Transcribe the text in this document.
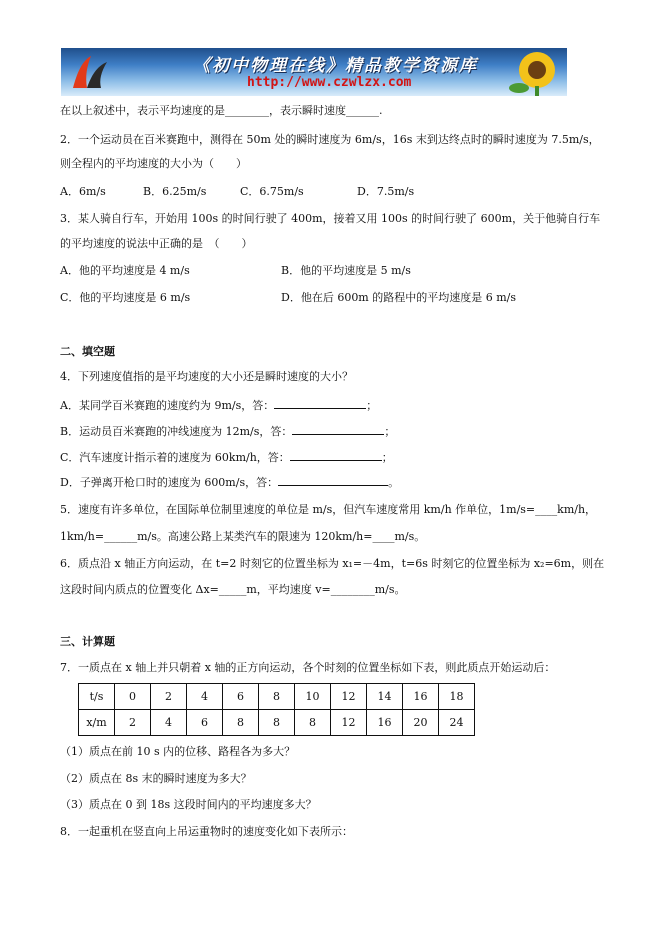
《初中物理在线》精品教学资源库
http://www.czwlzx.com
在以上叙述中，表示平均速度的是________，表示瞬时速度______.
2．一个运动员在百米赛跑中，测得在 50m 处的瞬时速度为 6m/s，16s 末到达终点时的瞬时速度为 7.5m/s，
则全程内的平均速度的大小为（　　）
A．6m/s	B．6.25m/s	C．6.75m/s	D．7.5m/s
3．某人骑自行车，开始用 100s 的时间行驶了 400m，接着又用 100s 的时间行驶了 600m，关于他骑自行车
的平均速度的说法中正确的是　（　　）
A．他的平均速度是 4 m/s	B．他的平均速度是 5 m/s
C．他的平均速度是 6 m/s	D．他在后 600m 的路程中的平均速度是 6 m/s
二、填空题
4．下列速度值指的是平均速度的大小还是瞬时速度的大小？
A．某同学百米赛跑的速度约为 9m/s，答：	；
B．运动员百米赛跑的冲线速度为 12m/s，答：	；
C．汽车速度计指示着的速度为 60km/h，答：	；
D．子弹离开枪口时的速度为 600m/s，答：	。
5．速度有许多单位，在国际单位制里速度的单位是 m/s，但汽车速度常用 km/h 作单位，1m/s=____km/h，
1km/h=______m/s。高速公路上某类汽车的限速为 120km/h=____m/s。
6．质点沿 x 轴正方向运动，在 t=2 时刻它的位置坐标为 x₁=－4m，t=6s 时刻它的位置坐标为 x₂=6m，则在
这段时间内质点的位置变化 Δx=_____m，平均速度 v=________m/s。
三、计算题
7．一质点在 x 轴上并只朝着 x 轴的正方向运动，各个时刻的位置坐标如下表，则此质点开始运动后：
t/s	0	2	4	6	8	10	12	14	16	18
x/m	2	4	6	8	8	8	12	16	20	24
（1）质点在前 10 s 内的位移、路程各为多大？
（2）质点在 8s 末的瞬时速度为多大？
（3）质点在 0 到 18s 这段时间内的平均速度多大？
8．一起重机在竖直向上吊运重物时的速度变化如下表所示：
